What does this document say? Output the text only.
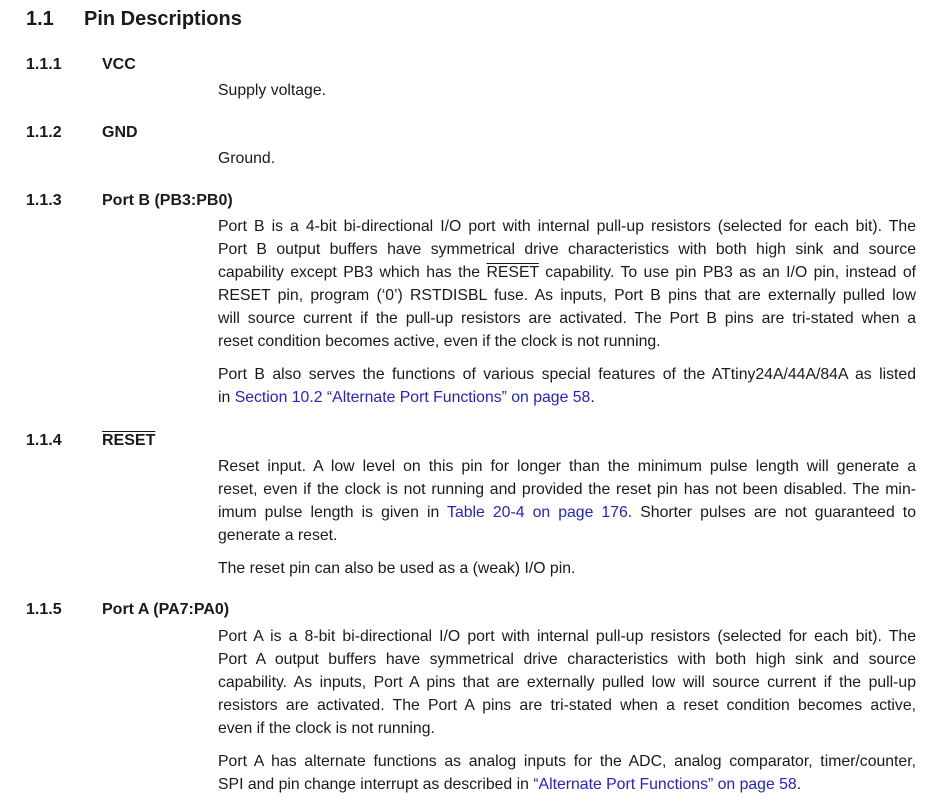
1.1 Pin Descriptions
1.1.1	VCC
Supply voltage.
1.1.2	GND
Ground.
1.1.3	Port B (PB3:PB0)
Port B is a 4-bit bi-directional I/O port with internal pull-up resistors (selected for each bit). The
Port B output buffers have symmetrical drive characteristics with both high sink and source
capability except PB3 which has the RESET capability. To use pin PB3 as an I/O pin, instead of
RESET pin, program (‘0’) RSTDISBL fuse. As inputs, Port B pins that are externally pulled low
will source current if the pull-up resistors are activated. The Port B pins are tri-stated when a
reset condition becomes active, even if the clock is not running.
Port B also serves the functions of various special features of the ATtiny24A/44A/84A as listed
in Section 10.2 “Alternate Port Functions” on page 58.
1.1.4	RESET
Reset input. A low level on this pin for longer than the minimum pulse length will generate a
reset, even if the clock is not running and provided the reset pin has not been disabled. The min-
imum pulse length is given in Table 20-4 on page 176. Shorter pulses are not guaranteed to
generate a reset.
The reset pin can also be used as a (weak) I/O pin.
1.1.5	Port A (PA7:PA0)
Port A is a 8-bit bi-directional I/O port with internal pull-up resistors (selected for each bit). The
Port A output buffers have symmetrical drive characteristics with both high sink and source
capability. As inputs, Port A pins that are externally pulled low will source current if the pull-up
resistors are activated. The Port A pins are tri-stated when a reset condition becomes active,
even if the clock is not running.
Port A has alternate functions as analog inputs for the ADC, analog comparator, timer/counter,
SPI and pin change interrupt as described in “Alternate Port Functions” on page 58.
